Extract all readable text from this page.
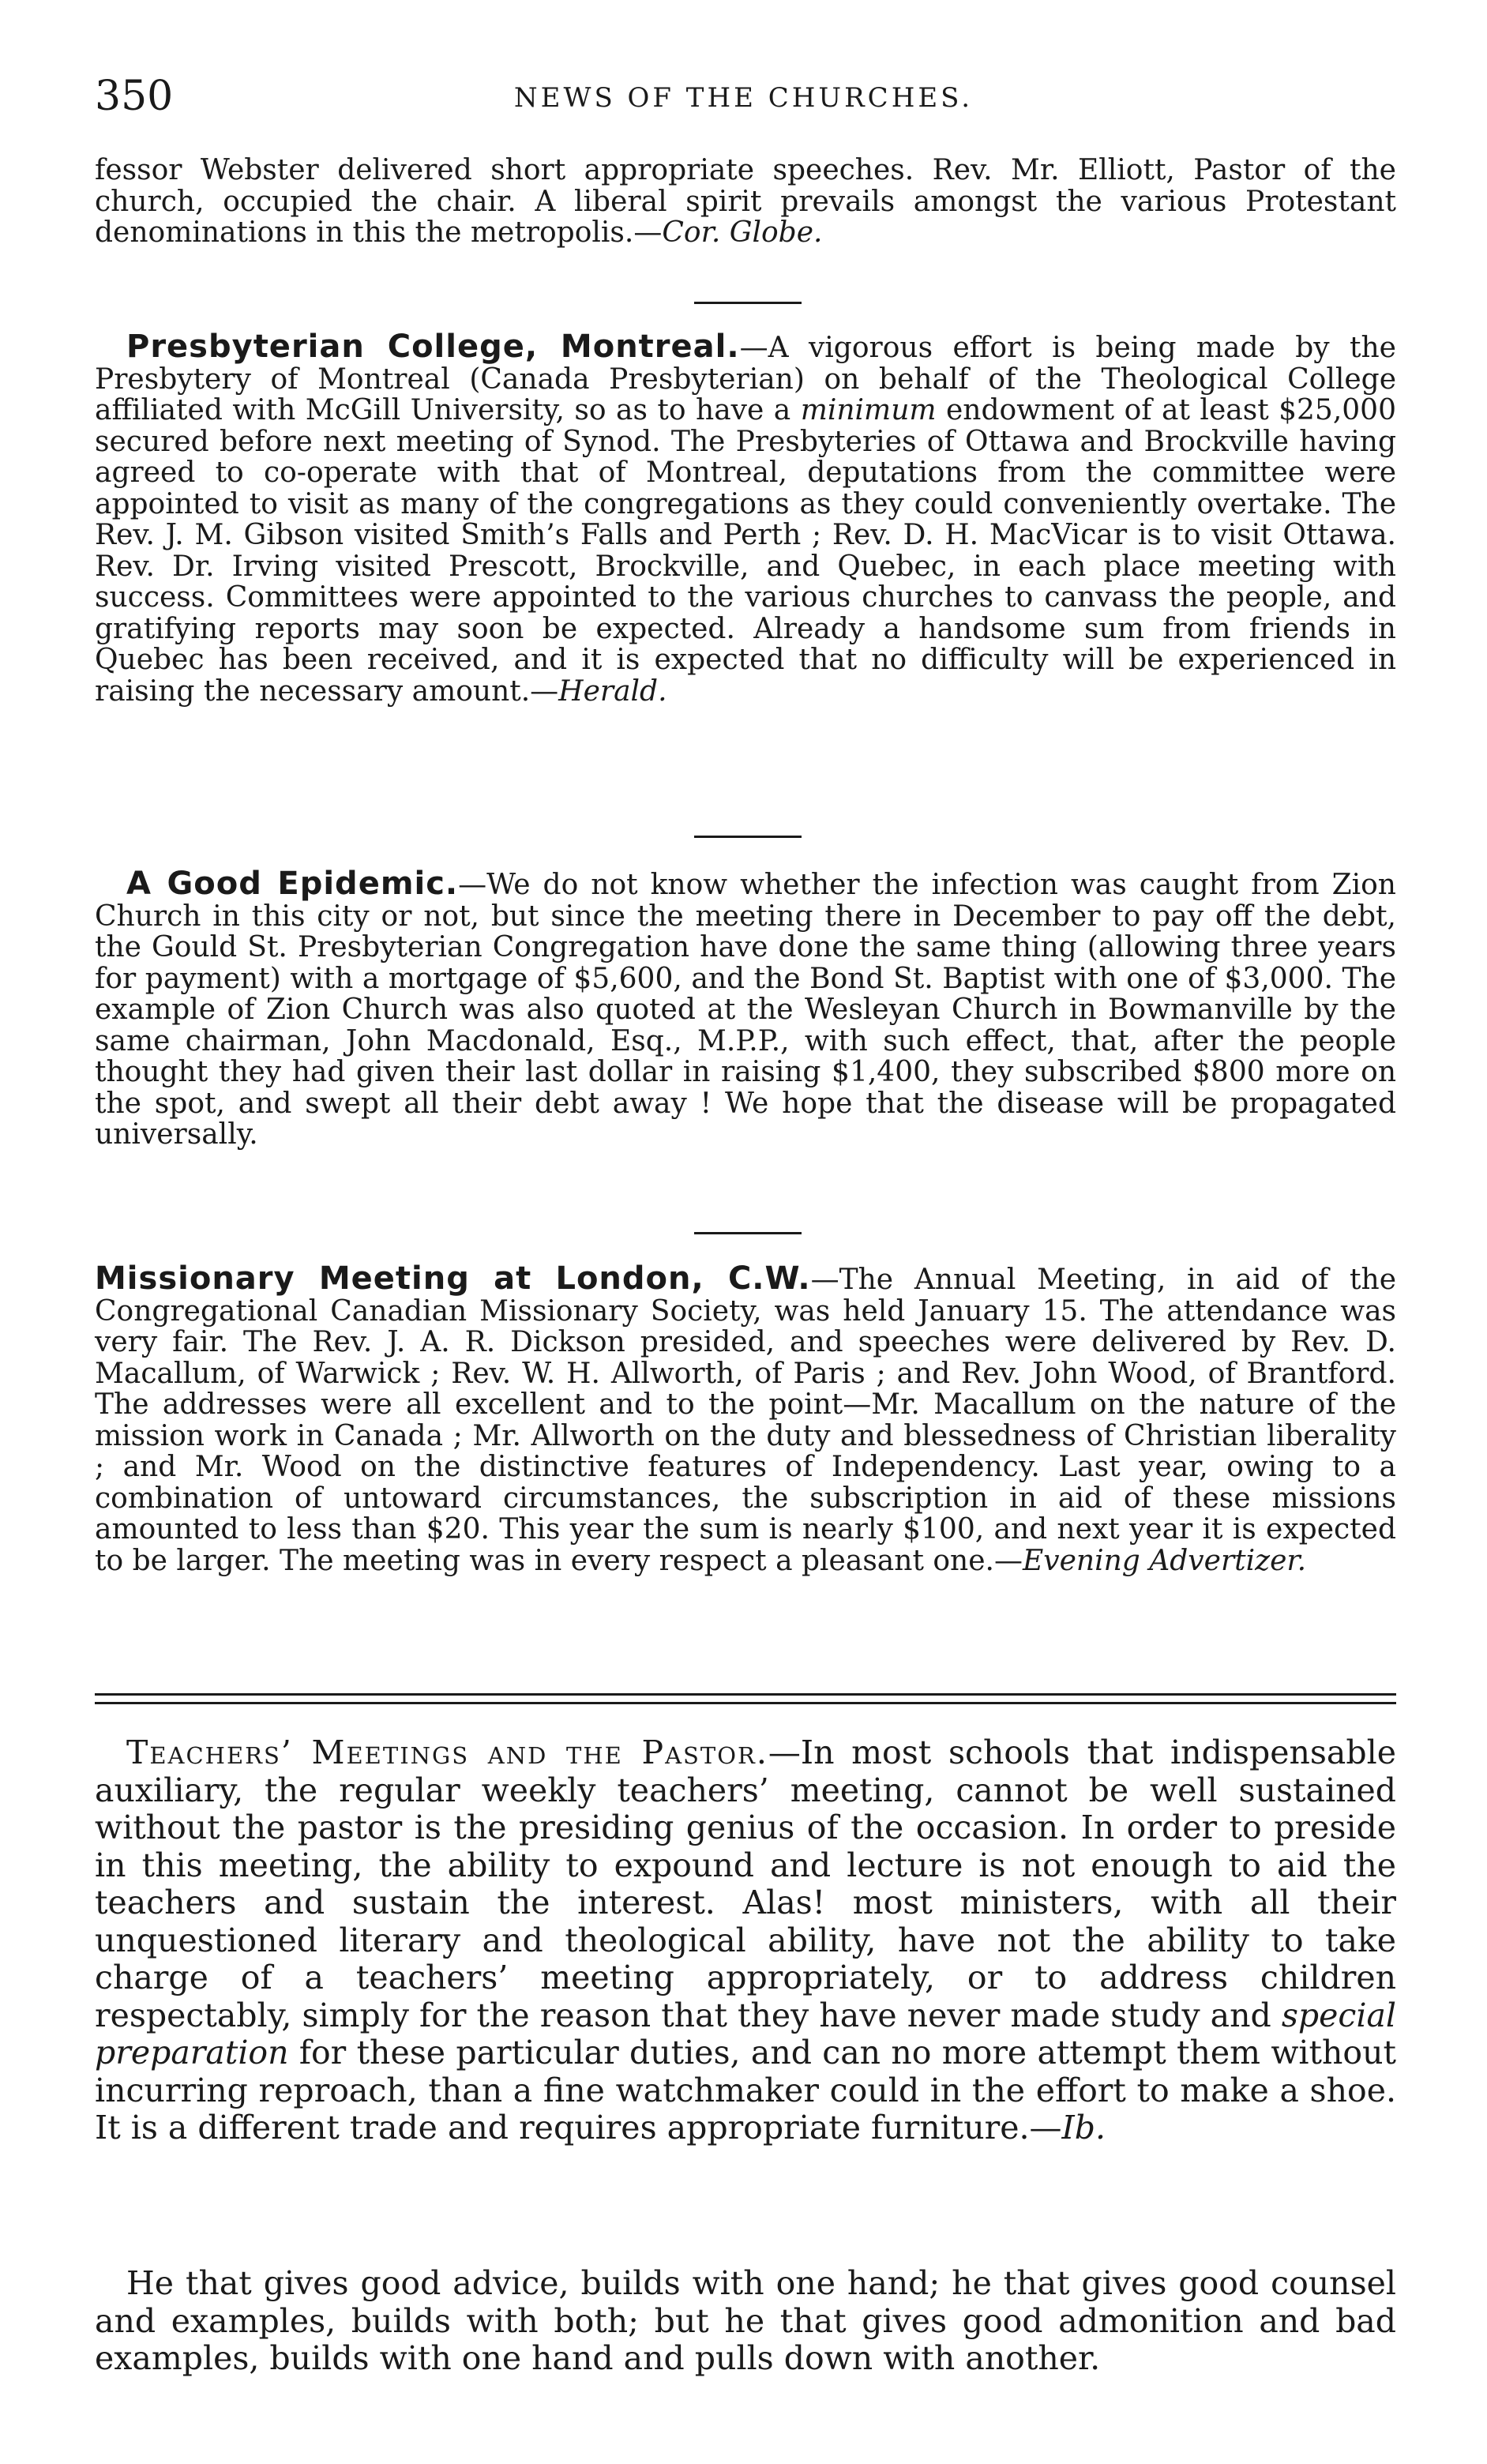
350	NEWS OF THE CHURCHES.

fessor Webster delivered short appropriate speeches. Rev. Mr. Elliott, Pastor of the church, occupied the chair. A liberal spirit prevails amongst the various Protestant denominations in this the metropolis.—Cor. Globe.

Presbyterian College, Montreal.—A vigorous effort is being made by the Presbytery of Montreal (Canada Presbyterian) on behalf of the Theological College affiliated with McGill University, so as to have a minimum endowment of at least $25,000 secured before next meeting of Synod. The Presbyteries of Ottawa and Brockville having agreed to co-operate with that of Montreal, deputations from the committee were appointed to visit as many of the congregations as they could conveniently overtake. The Rev. J. M. Gibson visited Smith’s Falls and Perth ; Rev. D. H. MacVicar is to visit Ottawa. Rev. Dr. Irving visited Prescott, Brockville, and Quebec, in each place meeting with success. Committees were appointed to the various churches to canvass the people, and gratifying reports may soon be expected. Already a handsome sum from friends in Quebec has been received, and it is expected that no difficulty will be experienced in raising the necessary amount.—Herald.

A Good Epidemic.—We do not know whether the infection was caught from Zion Church in this city or not, but since the meeting there in December to pay off the debt, the Gould St. Presbyterian Congregation have done the same thing (allowing three years for payment) with a mortgage of $5,600, and the Bond St. Baptist with one of $3,000. The example of Zion Church was also quoted at the Wesleyan Church in Bowmanville by the same chairman, John Macdonald, Esq., M.P.P., with such effect, that, after the people thought they had given their last dollar in raising $1,400, they subscribed $800 more on the spot, and swept all their debt away ! We hope that the disease will be propagated universally.

Missionary Meeting at London, C.W.—The Annual Meeting, in aid of the Congregational Canadian Missionary Society, was held January 15. The attendance was very fair. The Rev. J. A. R. Dickson presided, and speeches were delivered by Rev. D. Macallum, of Warwick ; Rev. W. H. Allworth, of Paris ; and Rev. John Wood, of Brantford. The addresses were all excellent and to the point—Mr. Macallum on the nature of the mission work in Canada ; Mr. Allworth on the duty and blessedness of Christian liberality ; and Mr. Wood on the distinctive features of Independency. Last year, owing to a combination of untoward circumstances, the subscription in aid of these missions amounted to less than $20. This year the sum is nearly $100, and next year it is expected to be larger. The meeting was in every respect a pleasant one.—Evening Advertizer.

Teachers’ Meetings and the Pastor.—In most schools that indispensable auxiliary, the regular weekly teachers’ meeting, cannot be well sustained without the pastor is the presiding genius of the occasion. In order to preside in this meeting, the ability to expound and lecture is not enough to aid the teachers and sustain the interest. Alas! most ministers, with all their unquestioned literary and theological ability, have not the ability to take charge of a teachers’ meeting appropriately, or to address children respectably, simply for the reason that they have never made study and special preparation for these particular duties, and can no more attempt them without incurring reproach, than a fine watchmaker could in the effort to make a shoe. It is a different trade and requires appropriate furniture.—Ib.

He that gives good advice, builds with one hand; he that gives good counsel and examples, builds with both; but he that gives good admonition and bad examples, builds with one hand and pulls down with another.
